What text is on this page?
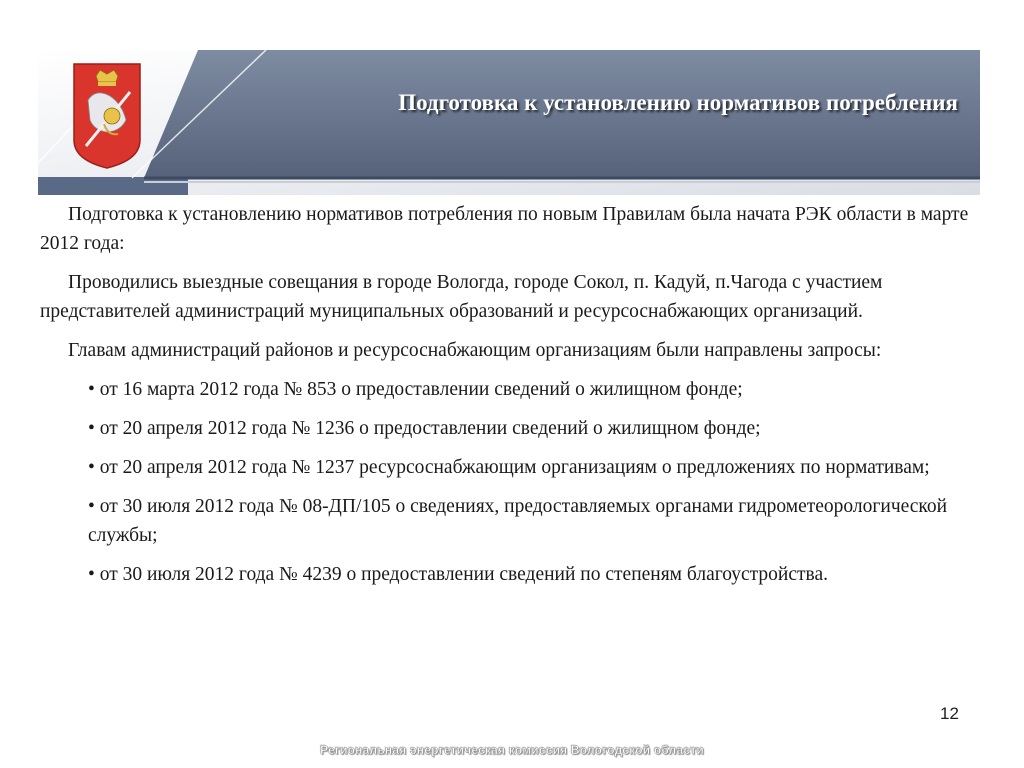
Подготовка к установлению нормативов потребления

Подготовка к установлению нормативов потребления по новым Правилам была начата РЭК области в марте 2012 года:

Проводились выездные совещания в городе Вологда, городе Сокол, п. Кадуй, п.Чагода с участием представителей администраций муниципальных образований и ресурсоснабжающих организаций.

Главам администраций районов и ресурсоснабжающим организациям были направлены запросы:

• от 16 марта 2012 года № 853 о предоставлении сведений о жилищном фонде;
• от 20 апреля 2012 года № 1236 о предоставлении сведений о жилищном фонде;
• от 20 апреля 2012 года № 1237 ресурсоснабжающим организациям о предложениях по нормативам;
• от 30 июля 2012 года № 08-ДП/105 о сведениях, предоставляемых органами гидрометеорологической службы;
• от 30 июля 2012 года № 4239 о предоставлении сведений по степеням благоустройства.
12
Региональная энергетическая комиссия Вологодской области
